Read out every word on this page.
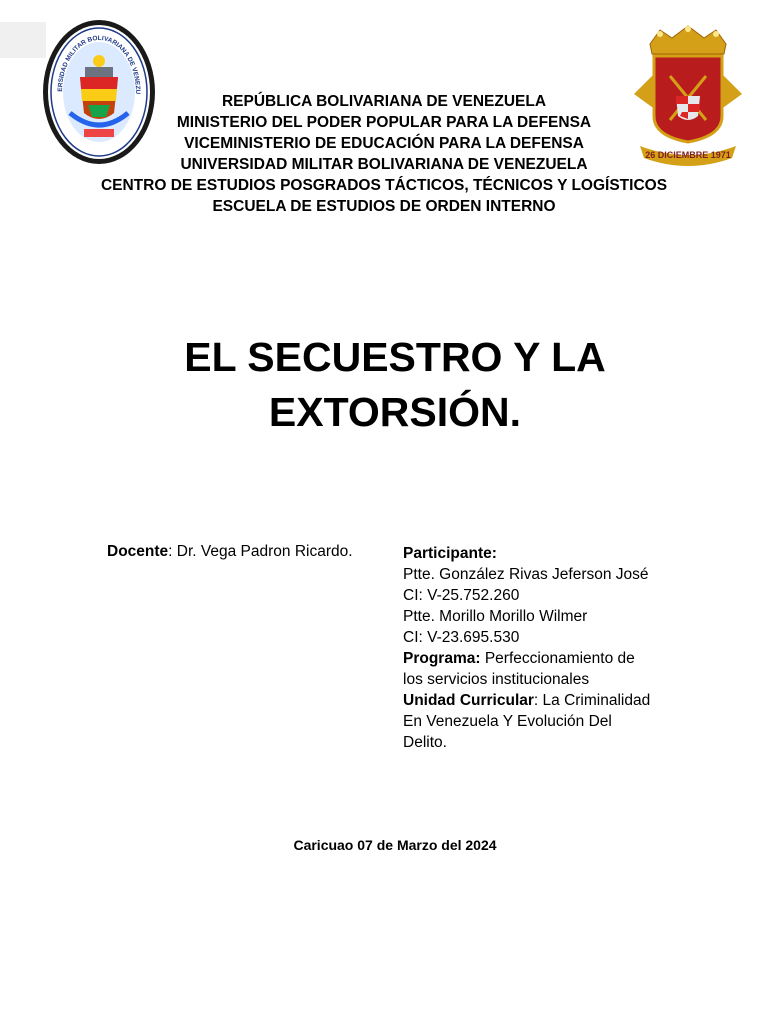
ERSIDAD MILITAR BOLIVARIANA DE VENEZU
26 DICIEMBRE 1971
REPÚBLICA BOLIVARIANA DE VENEZUELA
MINISTERIO DEL PODER POPULAR PARA LA DEFENSA
VICEMINISTERIO DE EDUCACIÓN PARA LA DEFENSA
UNIVERSIDAD MILITAR BOLIVARIANA DE VENEZUELA
CENTRO DE ESTUDIOS POSGRADOS TÁCTICOS, TÉCNICOS Y LOGÍSTICOS
ESCUELA DE ESTUDIOS DE ORDEN INTERNO
EL SECUESTRO Y LA
EXTORSIÓN.
Docente: Dr. Vega Padron Ricardo.	Participante:
Ptte. González Rivas Jeferson José
CI: V-25.752.260
Ptte. Morillo Morillo Wilmer
CI: V-23.695.530
Programa: Perfeccionamiento de
los servicios institucionales
Unidad Curricular: La Criminalidad
En Venezuela Y Evolución Del
Delito.
Caricuao 07 de Marzo del 2024
